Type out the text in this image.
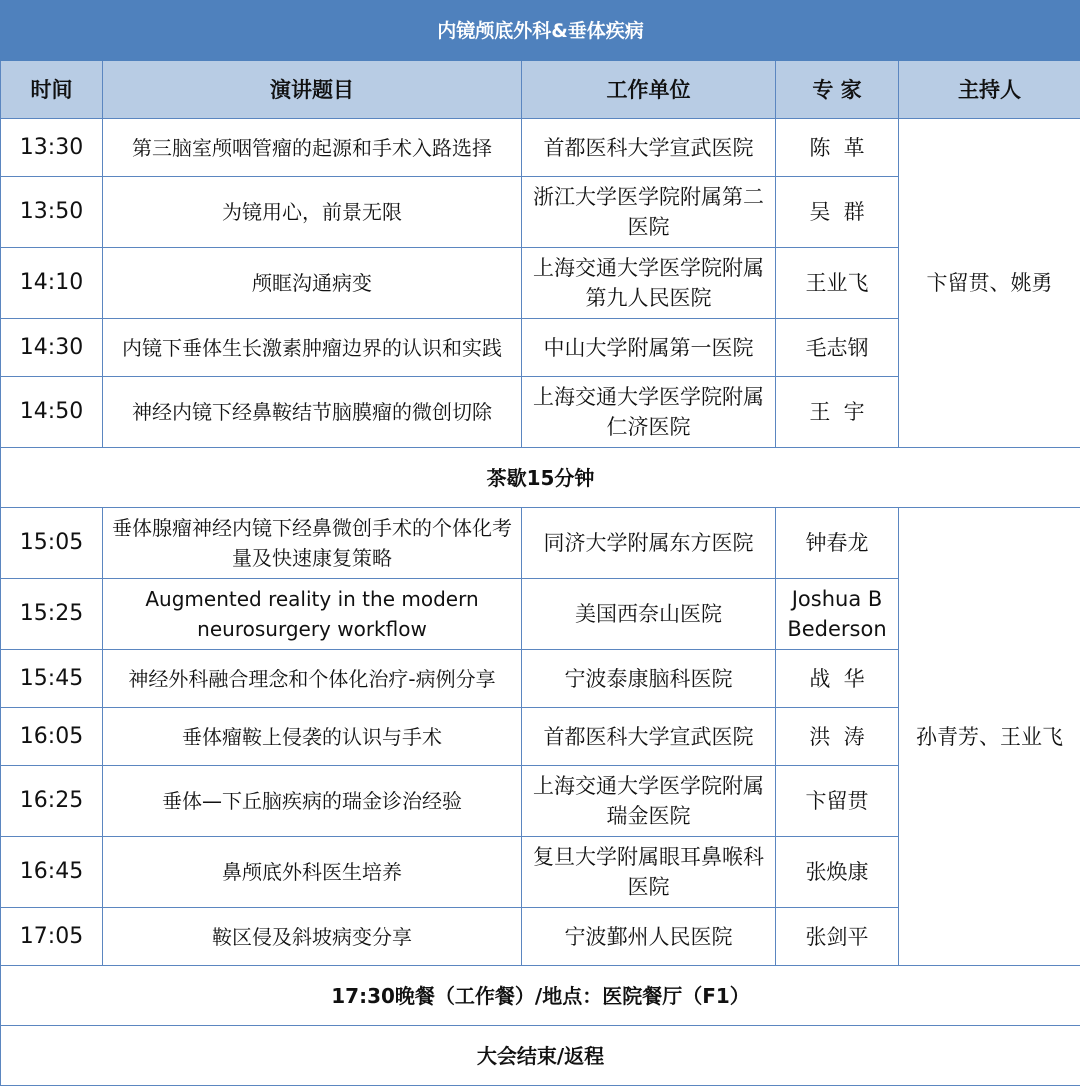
内镜颅底外科&垂体疾病				
时间	演讲题目	工作单位	专 家	主持人
13:30	第三脑室颅咽管瘤的起源和手术入路选择	首都医科大学宣武医院	陈  革	卞留贯、姚勇
13:50	为镜用心，前景无限	浙江大学医学院附属第二医院	吴  群	
14:10	颅眶沟通病变	上海交通大学医学院附属第九人民医院	王业飞	
14:30	内镜下垂体生长激素肿瘤边界的认识和实践	中山大学附属第一医院	毛志钢	
14:50	神经内镜下经鼻鞍结节脑膜瘤的微创切除	上海交通大学医学院附属仁济医院	王  宇	
茶歇15分钟				
15:05	垂体腺瘤神经内镜下经鼻微创手术的个体化考量及快速康复策略	同济大学附属东方医院	钟春龙	孙青芳、王业飞
15:25	Augmented reality in the modern neurosurgery workflow	美国西奈山医院	Joshua B Bederson	
15:45	神经外科融合理念和个体化治疗-病例分享	宁波泰康脑科医院	战  华	
16:05	垂体瘤鞍上侵袭的认识与手术	首都医科大学宣武医院	洪  涛	
16:25	垂体—下丘脑疾病的瑞金诊治经验	上海交通大学医学院附属瑞金医院	卞留贯	
16:45	鼻颅底外科医生培养	复旦大学附属眼耳鼻喉科医院	张焕康	
17:05	鞍区侵及斜坡病变分享	宁波鄞州人民医院	张剑平	
17:30晚餐（工作餐）/地点：医院餐厅（F1）				
大会结束/返程				
